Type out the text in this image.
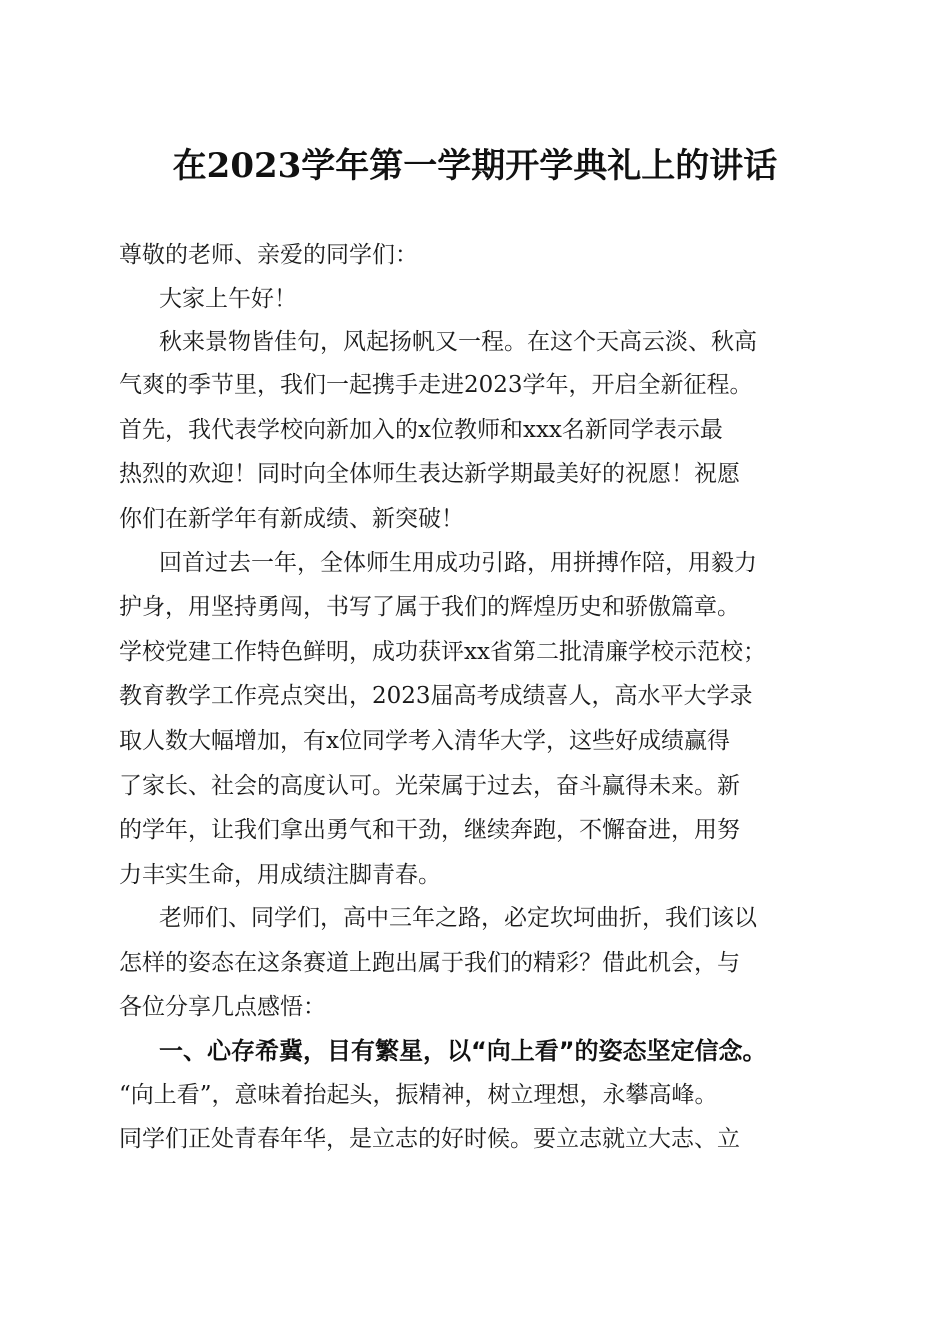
在2023学年第一学期开学典礼上的讲话

尊敬的老师、亲爱的同学们：

大家上午好！

秋来景物皆佳句，风起扬帆又一程。在这个天高云淡、秋高

气爽的季节里，我们一起携手走进2023学年，开启全新征程。

首先，我代表学校向新加入的x位教师和xxx名新同学表示最

热烈的欢迎！同时向全体师生表达新学期最美好的祝愿！祝愿

你们在新学年有新成绩、新突破！

回首过去一年，全体师生用成功引路，用拼搏作陪，用毅力

护身，用坚持勇闯，书写了属于我们的辉煌历史和骄傲篇章。

学校党建工作特色鲜明，成功获评xx省第二批清廉学校示范校；

教育教学工作亮点突出，2023届高考成绩喜人，高水平大学录

取人数大幅增加，有x位同学考入清华大学，这些好成绩赢得

了家长、社会的高度认可。光荣属于过去，奋斗赢得未来。新

的学年，让我们拿出勇气和干劲，继续奔跑，不懈奋进，用努

力丰实生命，用成绩注脚青春。

老师们、同学们，高中三年之路，必定坎坷曲折，我们该以

怎样的姿态在这条赛道上跑出属于我们的精彩？借此机会，与

各位分享几点感悟：

一、心存希冀，目有繁星，以“向上看”的姿态坚定信念。

“向上看”，意味着抬起头，振精神，树立理想，永攀高峰。

同学们正处青春年华，是立志的好时候。要立志就立大志、立
